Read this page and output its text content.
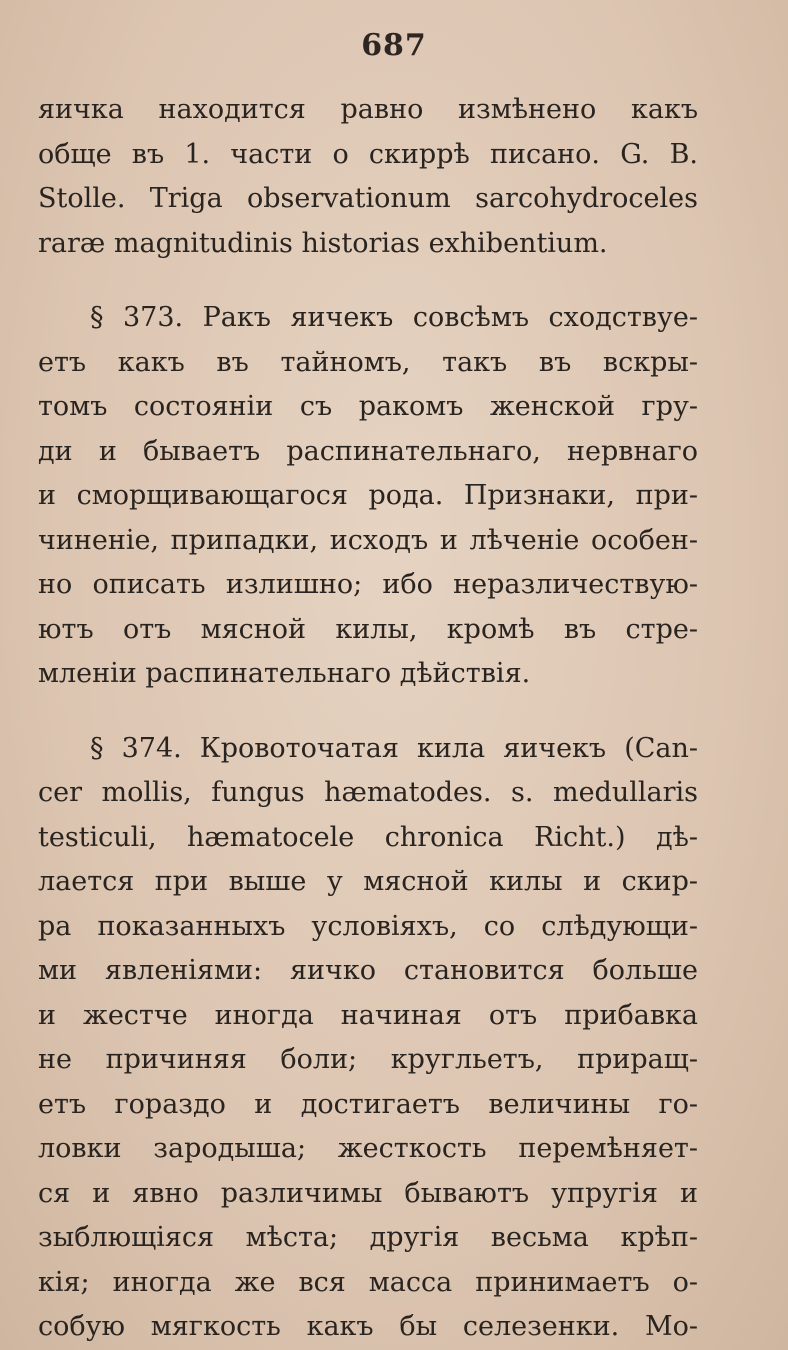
687
яичка находится равно измѣнено какъ
обще въ 1. части о скиррѣ писано. G. B.
Stolle. Triga observationum sarcohydroceles
raræ magnitudinis historias exhibentium.
§ 373. Ракъ яичекъ совсѣмъ сходствуе-
етъ какъ въ тайномъ, такъ въ вскры-
томъ состояніи съ ракомъ женской гру-
ди и бываетъ распинательнаго, нервнаго
и сморщивающагося рода. Признаки, при-
чиненіе, припадки, исходъ и лѣченіе особен-
но описать излишно; ибо неразличествую-
ютъ отъ мясной килы, кромѣ въ стре-
мленіи распинательнаго дѣйствія.
§ 374. Кровоточатая кила яичекъ (Can-
cer mollis, fungus hæmatodes. s. medullaris
testiculi, hæmatocele chronica Richt.) дѣ-
лается при выше у мясной килы и скир-
ра показанныхъ условіяхъ, со слѣдующи-
ми явленіями: яичко становится больше
и жестче иногда начиная отъ прибавка
не причиняя боли; кругльетъ, приращ-
етъ гораздо и достигаетъ величины го-
ловки зародыша; жесткость перемѣняет-
ся и явно различимы бываютъ упругія и
зыблющіяся мѣста; другія весьма крѣп-
кія; иногда же вся масса принимаетъ о-
собую мягкость какъ бы селезенки. Мо-
